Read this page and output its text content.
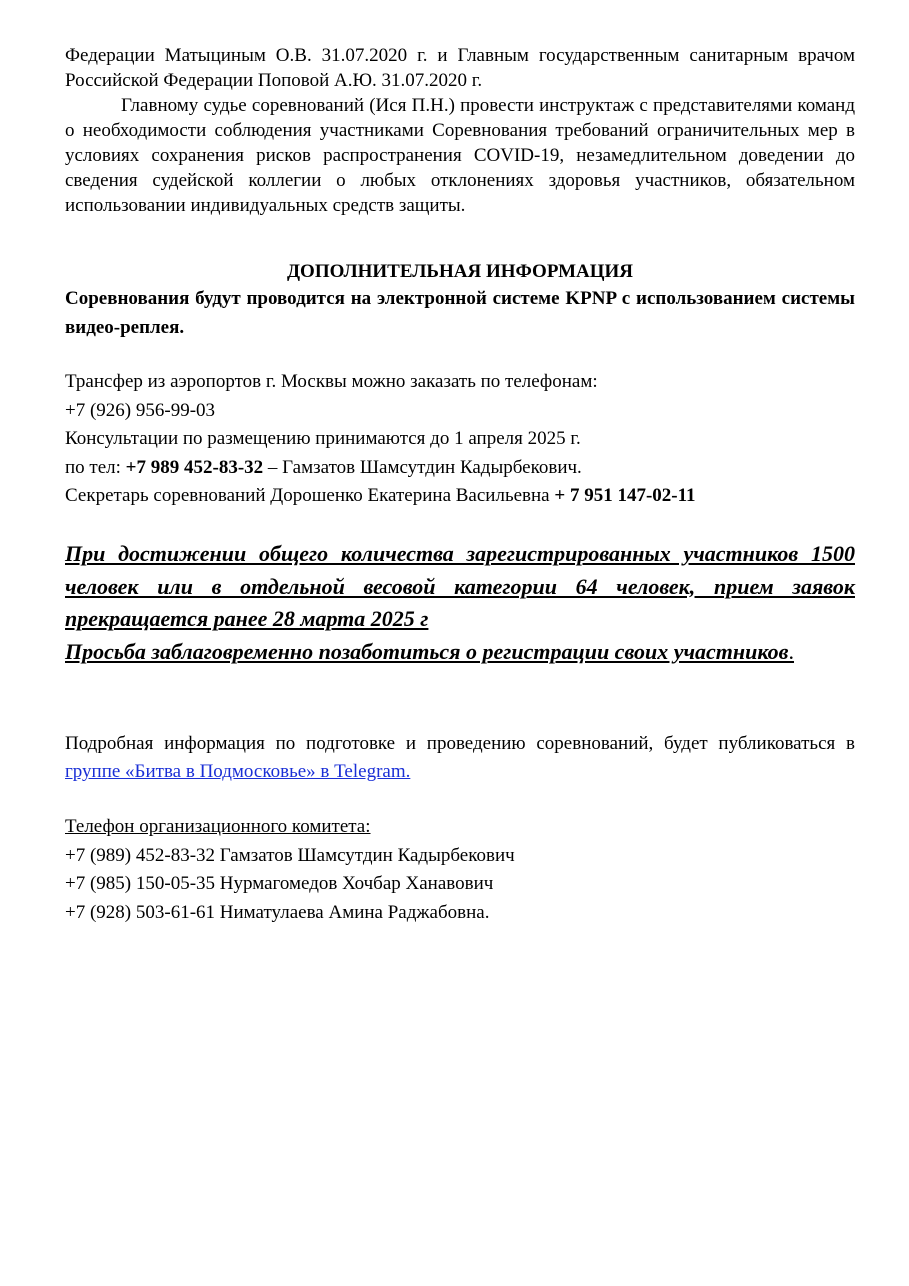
Федерации Матыциным О.В. 31.07.2020 г. и Главным государственным санитарным врачом Российской Федерации Поповой А.Ю. 31.07.2020 г.

Главному судье соревнований (Ися П.Н.) провести инструктаж с представителями команд о необходимости соблюдения участниками Соревнования требований ограничительных мер в условиях сохранения рисков распространения COVID-19, незамедлительном доведении до сведения судейской коллегии о любых отклонениях здоровья участников, обязательном использовании индивидуальных средств защиты.

ДОПОЛНИТЕЛЬНАЯ ИНФОРМАЦИЯ

Соревнования будут проводится на электронной системе KPNP с использованием системы видео-реплея.

Трансфер из аэропортов г. Москвы можно заказать по телефонам:
+7 (926) 956-99-03
Консультации по размещению принимаются до 1 апреля 2025 г.
по тел: +7 989 452-83-32 – Гамзатов Шамсутдин Кадырбекович.
Секретарь соревнований Дорошенко Екатерина Васильевна + 7 951 147-02-11

При достижении общего количества зарегистрированных участников 1500 человек или в отдельной весовой категории 64 человек, прием заявок прекращается ранее 28 марта 2025 г

Просьба заблаговременно позаботиться о регистрации своих участников.

Подробная информация по подготовке и проведению соревнований, будет публиковаться в группе «Битва в Подмосковье» в Telegram.

Телефон организационного комитета:
+7 (989) 452-83-32 Гамзатов Шамсутдин Кадырбекович
+7 (985) 150-05-35 Нурмагомедов Хочбар Ханавович
+7 (928) 503-61-61 Ниматулаева Амина Раджабовна.
